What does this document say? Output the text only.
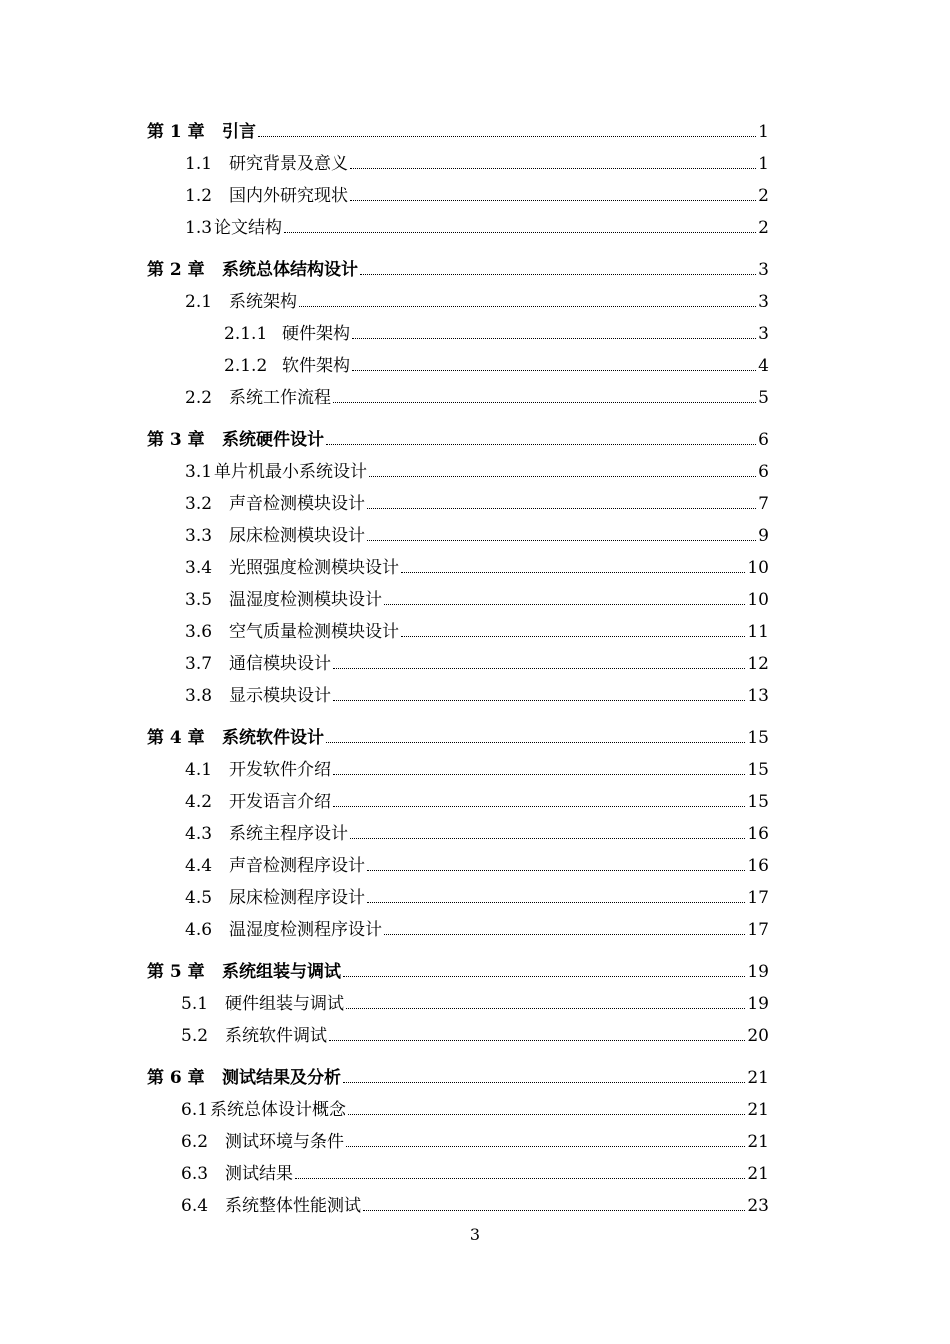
第 1 章	引言	1
1.1 研究背景及意义	1
1.2 国内外研究现状	2
1.3 论文结构	2
第 2 章	系统总体结构设计	3
2.1 系统架构	3
2.1.1 硬件架构	3
2.1.2 软件架构	4
2.2 系统工作流程	5
第 3 章	系统硬件设计	6
3.1 单片机最小系统设计	6
3.2 声音检测模块设计	7
3.3 尿床检测模块设计	9
3.4 光照强度检测模块设计	10
3.5 温湿度检测模块设计	10
3.6 空气质量检测模块设计	11
3.7 通信模块设计	12
3.8 显示模块设计	13
第 4 章	系统软件设计	15
4.1 开发软件介绍	15
4.2 开发语言介绍	15
4.3 系统主程序设计	16
4.4 声音检测程序设计	16
4.5 尿床检测程序设计	17
4.6 温湿度检测程序设计	17
第 5 章	系统组装与调试	19
5.1 硬件组装与调试	19
5.2 系统软件调试	20
第 6 章	测试结果及分析	21
6.1 系统总体设计概念	21
6.2 测试环境与条件	21
6.3 测试结果	21
6.4 系统整体性能测试	23
3
